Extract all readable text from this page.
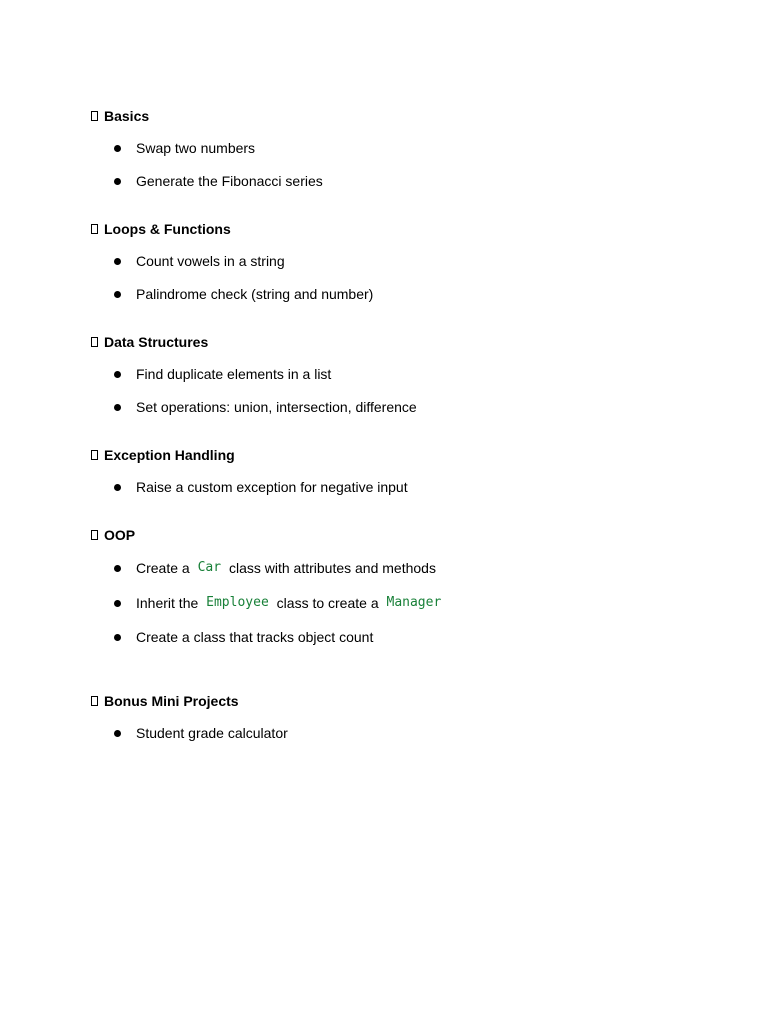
Basics
Swap two numbers
Generate the Fibonacci series
Loops & Functions
Count vowels in a string
Palindrome check (string and number)
Data Structures
Find duplicate elements in a list
Set operations: union, intersection, difference
Exception Handling
Raise a custom exception for negative input
OOP
Create a Car class with attributes and methods
Inherit the Employee class to create a Manager
Create a class that tracks object count
Bonus Mini Projects
Student grade calculator
